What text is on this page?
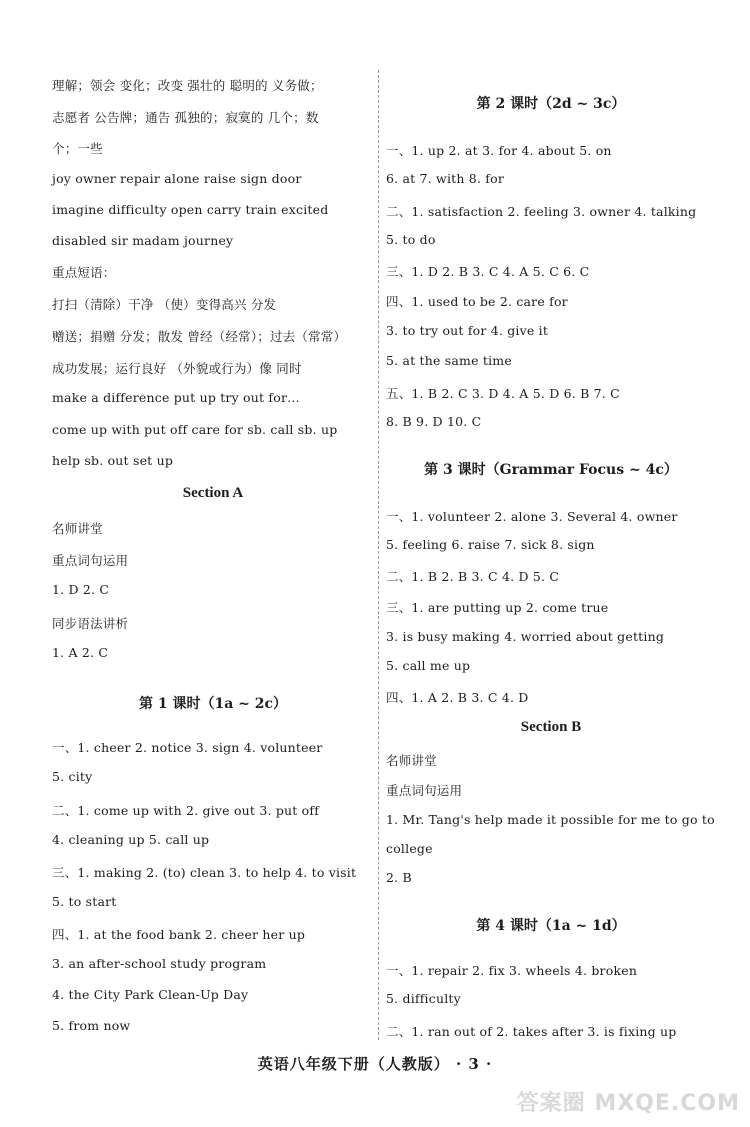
理解；领会 变化；改变 强壮的 聪明的 义务做；
志愿者 公告牌；通告 孤独的；寂寞的 几个；数
个；一些
joy owner repair alone raise sign door
imagine difficulty open carry train excited
disabled sir madam journey
重点短语：
打扫（清除）干净 （使）变得高兴 分发
赠送；捐赠 分发；散发 曾经（经常）；过去（常常）
成功发展；运行良好 （外貌或行为）像 同时
make a difference put up try out for…
come up with put off care for sb. call sb. up
help sb. out set up
名师讲堂
重点词句运用
1. D 2. C
同步语法讲析
1. A 2. C
一、1. cheer 2. notice 3. sign 4. volunteer
5. city
二、1. come up with 2. give out 3. put off
4. cleaning up 5. call up
三、1. making 2. (to) clean 3. to help 4. to visit
5. to start
四、1. at the food bank 2. cheer her up
3. an after-school study program
4. the City Park Clean-Up Day
5. from now
Section A
第 1 课时（1a ~ 2c）
一、1. up 2. at 3. for 4. about 5. on
6. at 7. with 8. for
二、1. satisfaction 2. feeling 3. owner 4. talking
5. to do
三、1. D 2. B 3. C 4. A 5. C 6. C
四、1. used to be 2. care for
3. to try out for 4. give it
5. at the same time
五、1. B 2. C 3. D 4. A 5. D 6. B 7. C
8. B 9. D 10. C
一、1. volunteer 2. alone 3. Several 4. owner
5. feeling 6. raise 7. sick 8. sign
二、1. B 2. B 3. C 4. D 5. C
三、1. are putting up 2. come true
3. is busy making 4. worried about getting
5. call me up
四、1. A 2. B 3. C 4. D
名师讲堂
重点词句运用
1. Mr. Tang's help made it possible for me to go to
college
2. B
一、1. repair 2. fix 3. wheels 4. broken
5. difficulty
二、1. ran out of 2. takes after 3. is fixing up
第 2 课时（2d ~ 3c）
第 3 课时（Grammar Focus ~ 4c）
Section B
第 4 课时（1a ~ 1d）
英语八年级下册（人教版） · 3 ·
答案圈 MXQE.COM
